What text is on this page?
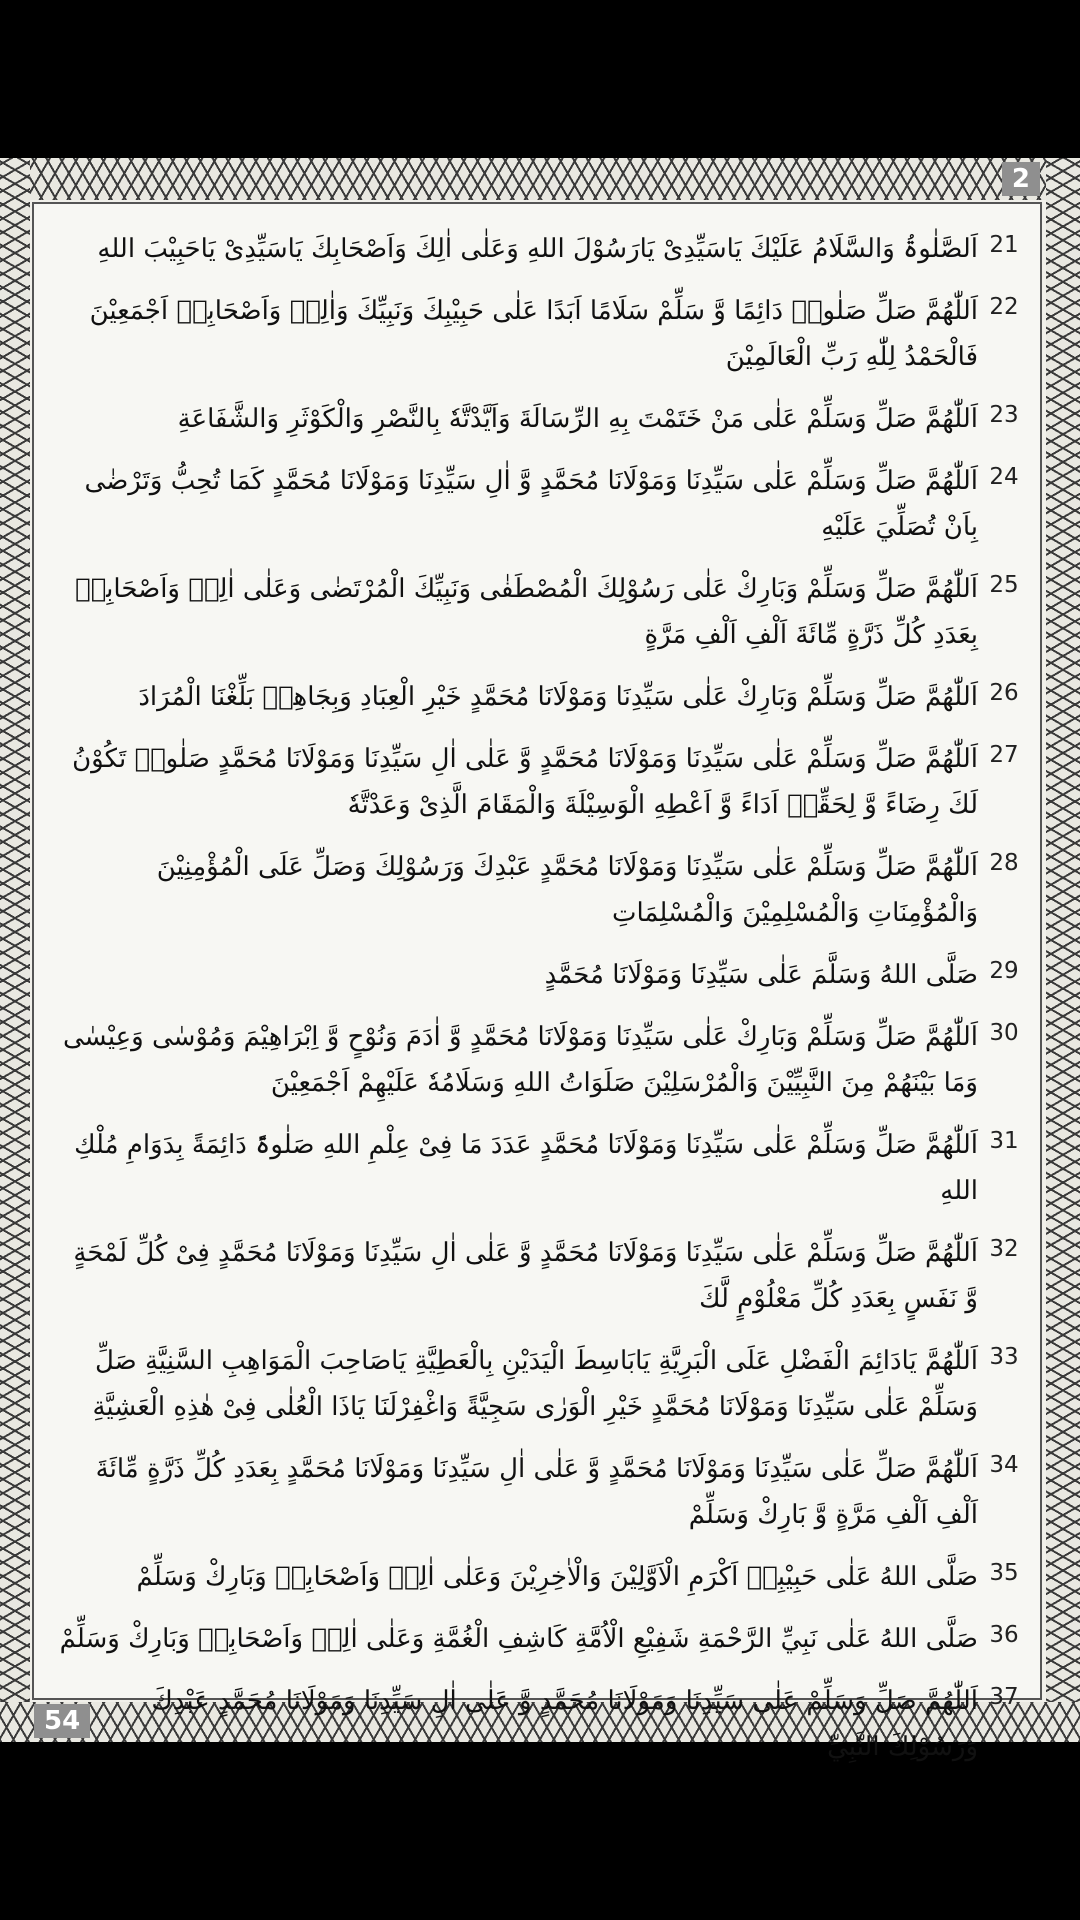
2
54
21
اَلصَّلٰوۃُ وَالسَّلَامُ عَلَيْكَ يَاسَيِّدِىْ يَارَسُوْلَ اللهِ وَعَلٰى اٰلِكَ وَاَصْحَابِكَ يَاسَيِّدِىْ يَاحَبِيْبَ اللهِ
22
اَللّٰھُمَّ صَلِّ صَلٰوۃً دَائِمًا وَّ سَلِّمْ سَلَامًا اَبَدًا عَلٰى حَبِيْبِكَ وَنَبِيِّكَ وَاٰلِهٖ وَاَصْحَابِهٖ اَجْمَعِيْنَ فَالْحَمْدُ لِلّٰهِ رَبِّ الْعَالَمِيْنَ
23
اَللّٰھُمَّ صَلِّ وَسَلِّمْ عَلٰى مَنْ خَتَمْتَ بِهِ الرِّسَالَةَ وَاَيَّدْتَّهٗ بِالنَّصْرِ وَالْكَوْثَرِ وَالشَّفَاعَةِ
24
اَللّٰھُمَّ صَلِّ وَسَلِّمْ عَلٰى سَيِّدِنَا وَمَوْلَانَا مُحَمَّدٍ وَّ اٰلِ سَيِّدِنَا وَمَوْلَانَا مُحَمَّدٍ كَمَا تُحِبُّ وَتَرْضٰى بِاَنْ تُصَلِّيَ عَلَيْهِ
25
اَللّٰھُمَّ صَلِّ وَسَلِّمْ وَبَارِكْ عَلٰى رَسُوْلِكَ الْمُصْطَفٰى وَنَبِيِّكَ الْمُرْتَضٰى وَعَلٰى اٰلِهٖ وَاَصْحَابِهٖ بِعَدَدِ كُلِّ ذَرَّةٍ مِّائَةَ اَلْفِ اَلْفِ مَرَّةٍ
26
اَللّٰھُمَّ صَلِّ وَسَلِّمْ وَبَارِكْ عَلٰى سَيِّدِنَا وَمَوْلَانَا مُحَمَّدٍ خَيْرِ الْعِبَادِ وَبِجَاهِهٖ بَلِّغْنَا الْمُرَادَ
27
اَللّٰھُمَّ صَلِّ وَسَلِّمْ عَلٰى سَيِّدِنَا وَمَوْلَانَا مُحَمَّدٍ وَّ عَلٰى اٰلِ سَيِّدِنَا وَمَوْلَانَا مُحَمَّدٍ صَلٰوۃً تَكُوْنُ لَكَ رِضَاءً وَّ لِحَقِّهٖ اَدَاءً وَّ اَعْطِهِ الْوَسِيْلَةَ وَالْمَقَامَ الَّذِىْ وَعَدْتَّهٗ
28
اَللّٰھُمَّ صَلِّ وَسَلِّمْ عَلٰى سَيِّدِنَا وَمَوْلَانَا مُحَمَّدٍ عَبْدِكَ وَرَسُوْلِكَ وَصَلِّ عَلَى الْمُؤْمِنِيْنَ وَالْمُؤْمِنَاتِ وَالْمُسْلِمِيْنَ وَالْمُسْلِمَاتِ
29
صَلَّى اللهُ وَسَلَّمَ عَلٰى سَيِّدِنَا وَمَوْلَانَا مُحَمَّدٍ
30
اَللّٰھُمَّ صَلِّ وَسَلِّمْ وَبَارِكْ عَلٰى سَيِّدِنَا وَمَوْلَانَا مُحَمَّدٍ وَّ اٰدَمَ وَنُوْحٍ وَّ اِبْرَاهِيْمَ وَمُوْسٰى وَعِيْسٰى وَمَا بَيْنَهُمْ مِنَ النَّبِيِّيْنَ وَالْمُرْسَلِيْنَ صَلَوَاتُ اللهِ وَسَلَامُهٗ عَلَيْهِمْ اَجْمَعِيْنَ
31
اَللّٰھُمَّ صَلِّ وَسَلِّمْ عَلٰى سَيِّدِنَا وَمَوْلَانَا مُحَمَّدٍ عَدَدَ مَا فِىْ عِلْمِ اللهِ صَلٰوۃً دَائِمَةً بِدَوَامِ مُلْكِ اللهِ
32
اَللّٰھُمَّ صَلِّ وَسَلِّمْ عَلٰى سَيِّدِنَا وَمَوْلَانَا مُحَمَّدٍ وَّ عَلٰى اٰلِ سَيِّدِنَا وَمَوْلَانَا مُحَمَّدٍ فِىْ كُلِّ لَمْحَةٍ وَّ نَفَسٍ بِعَدَدِ كُلِّ مَعْلُوْمٍ لَّكَ
33
اَللّٰھُمَّ يَادَائِمَ الْفَضْلِ عَلَى الْبَرِيَّةِ يَابَاسِطَ الْيَدَيْنِ بِالْعَطِيَّةِ يَاصَاحِبَ الْمَوَاهِبِ السَّنِيَّةِ صَلِّ وَسَلِّمْ عَلٰى سَيِّدِنَا وَمَوْلَانَا مُحَمَّدٍ خَيْرِ الْوَرٰى سَجِيَّةً وَاغْفِرْلَنَا يَاذَا الْعُلٰى فِىْ هٰذِهِ الْعَشِيَّةِ
34
اَللّٰھُمَّ صَلِّ عَلٰى سَيِّدِنَا وَمَوْلَانَا مُحَمَّدٍ وَّ عَلٰى اٰلِ سَيِّدِنَا وَمَوْلَانَا مُحَمَّدٍ بِعَدَدِ كُلِّ ذَرَّةٍ مِّائَةَ اَلْفِ اَلْفِ مَرَّةٍ وَّ بَارِكْ وَسَلِّمْ
35
صَلَّى اللهُ عَلٰى حَبِيْبِهٖ اَكْرَمِ الْاَوَّلِيْنَ وَالْاٰخِرِيْنَ وَعَلٰى اٰلِهٖ وَاَصْحَابِهٖ وَبَارِكْ وَسَلِّمْ
36
صَلَّى اللهُ عَلٰى نَبِيِّ الرَّحْمَةِ شَفِيْعِ الْاُمَّةِ كَاشِفِ الْغُمَّةِ وَعَلٰى اٰلِهٖ وَاَصْحَابِهٖ وَبَارِكْ وَسَلِّمْ
37
اَللّٰھُمَّ صَلِّ وَسَلِّمْ عَلٰى سَيِّدِنَا وَمَوْلَانَا مُحَمَّدٍ وَّ عَلٰى اٰلِ سَيِّدِنَا وَمَوْلَانَا مُحَمَّدٍ عَبْدِكَ وَرَسُوْلِكَ النَّبِيِّ
